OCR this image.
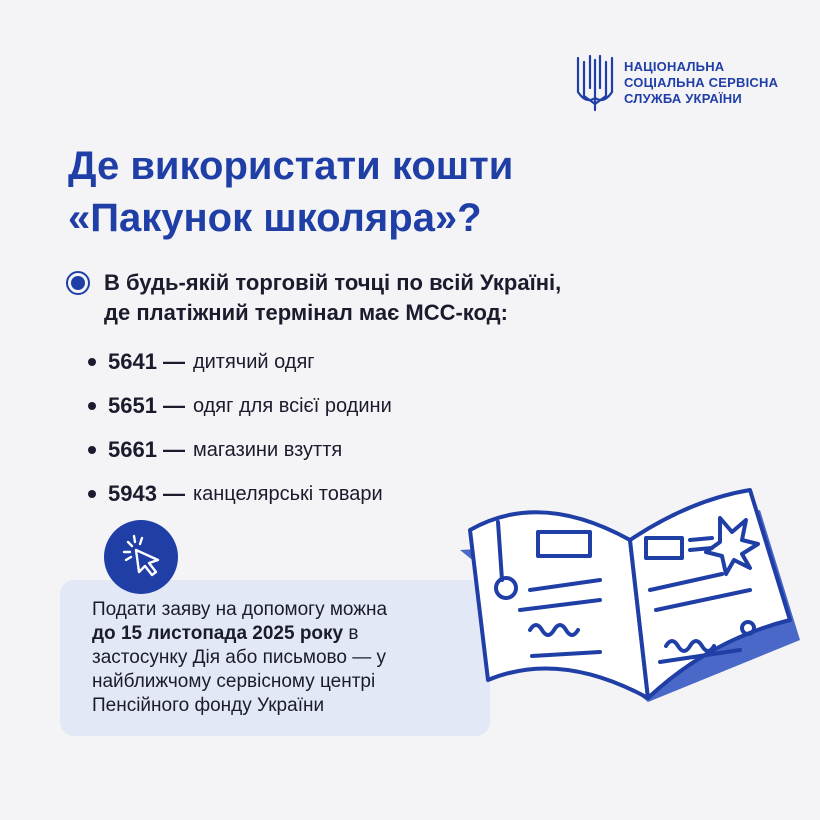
НАЦІОНАЛЬНА
СОЦІАЛЬНА СЕРВІСНА
СЛУЖБА УКРАЇНИ
Де використати кошти
«Пакунок школяра»?
В будь-якій торговій точці по всій Україні,
де платіжний термінал має МСС-код:
5641 — дитячий одяг
5651 — одяг для всієї родини
5661 — магазини взуття
5943 — канцелярські товари
Подати заяву на допомогу можна
до 15 листопада 2025 року в
застосунку Дія або письмово — у
найближчому сервісному центрі
Пенсійного фонду України
